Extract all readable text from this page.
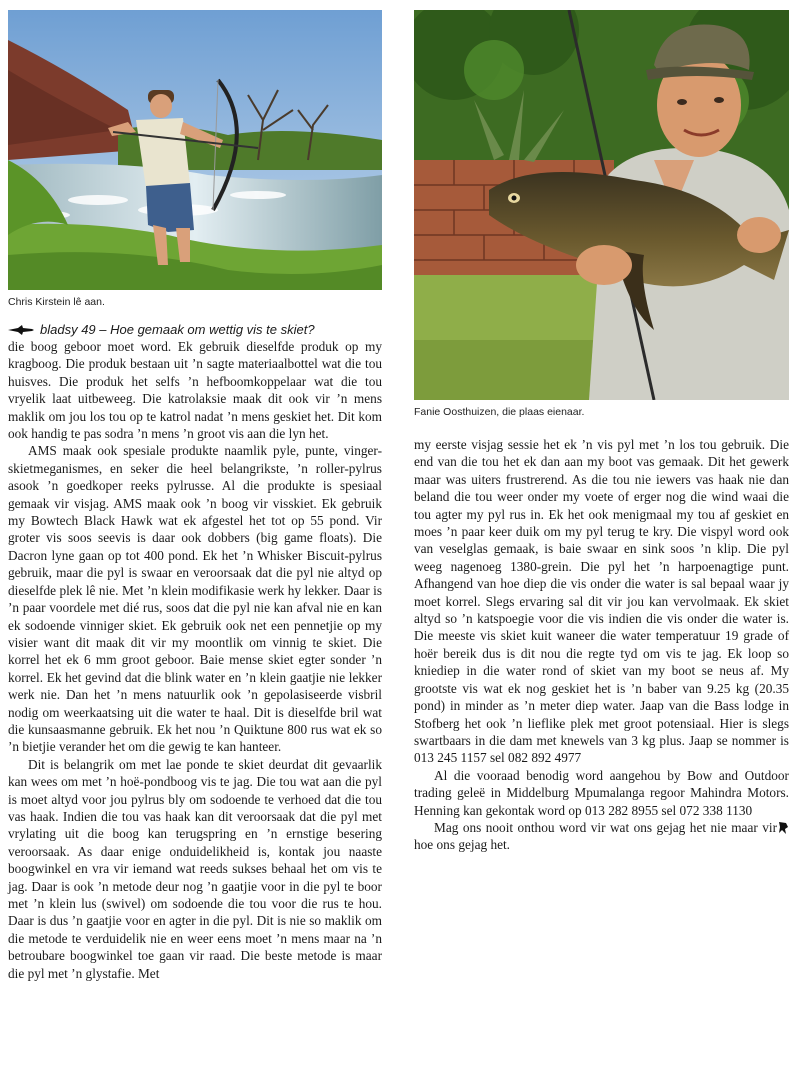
Chris Kirstein lê aan.
bladsy 49 – Hoe gemaak om wettig vis te skiet?

die boog geboor moet word. Ek gebruik dieselfde produk op my kragboog. Die produk bestaan uit ’n sagte materiaalbottel wat die tou huisves. Die produk het selfs ’n hefboomkoppelaar wat die tou vryelik laat uitbeweeg. Die katrolaksie maak dit ook vir ’n mens maklik om jou los tou op te katrol nadat ’n mens geskiet het. Dit kom ook handig te pas sodra ’n mens ’n groot vis aan die lyn het.

AMS maak ook spesiale produkte naamlik pyle, punte, vinger-skietmeganismes, en seker die heel belangrikste, ’n roller-pylrus asook ’n goedkoper reeks pylrusse. Al die produkte is spesiaal gemaak vir visjag. AMS maak ook ’n boog vir visskiet. Ek gebruik my Bowtech Black Hawk wat ek afgestel het tot op 55 pond. Vir groter vis soos seevis is daar ook dobbers (big game floats). Die Dacron lyne gaan op tot 400 pond. Ek het ’n Whisker Biscuit-pylrus gebruik, maar die pyl is swaar en veroorsaak dat die pyl nie altyd op dieselfde plek lê nie. Met ’n klein modifikasie werk hy lekker. Daar is ’n paar voordele met dié rus, soos dat die pyl nie kan afval nie en kan ek sodoende vinniger skiet. Ek gebruik ook net een pennetjie op my visier want dit maak dit vir my moontlik om vinnig te skiet. Die korrel het ek 6 mm groot geboor. Baie mense skiet egter sonder ’n korrel. Ek het gevind dat die blink water en ’n klein gaatjie nie lekker werk nie. Dan het ’n mens natuurlik ook ’n gepolasiseerde visbril nodig om weerkaatsing uit die water te haal. Dit is dieselfde bril wat die kunsaasmanne gebruik. Ek het nou ’n Quiktune 800 rus wat ek so ’n bietjie verander het om die gewig te kan hanteer.

Dit is belangrik om met lae ponde te skiet deurdat dit gevaarlik kan wees om met ’n hoë-pondboog vis te jag. Die tou wat aan die pyl is moet altyd voor jou pylrus bly om sodoende te verhoed dat die tou vas haak. Indien die tou vas haak kan dit veroorsaak dat die pyl met vrylating uit die boog kan terugspring en ’n ernstige besering veroorsaak. As daar enige onduidelikheid is, kontak jou naaste boogwinkel en vra vir iemand wat reeds sukses behaal het om vis te jag. Daar is ook ’n metode deur nog ’n gaatjie voor in die pyl te boor met ’n klein lus (swivel) om sodoende die tou voor die rus te hou. Daar is dus ’n gaatjie voor en agter in die pyl. Dit is nie so maklik om die metode te verduidelik nie en weer eens moet ’n mens maar na ’n betroubare boogwinkel toe gaan vir raad. Die beste metode is maar die pyl met ’n glystafie. Met

Fanie Oosthuizen, die plaas eienaar.

my eerste visjag sessie het ek ’n vis pyl met ’n los tou gebruik. Die end van die tou het ek dan aan my boot vas gemaak. Dit het gewerk maar was uiters frustrerend. As die tou nie iewers vas haak nie dan beland die tou weer onder my voete of erger nog die wind waai die tou agter my pyl rus in. Ek het ook menigmaal my tou af geskiet en moes ’n paar keer duik om my pyl terug te kry. Die vispyl word ook van veselglas gemaak, is baie swaar en sink soos ’n klip. Die pyl weeg nagenoeg 1380-grein. Die pyl het ’n harpoenagtige punt. Afhangend van hoe diep die vis onder die water is sal bepaal waar jy moet korrel. Slegs ervaring sal dit vir jou kan vervolmaak. Ek skiet altyd so ’n katspoegie voor die vis indien die vis onder die water is. Die meeste vis skiet kuit waneer die water temperatuur 19 grade of hoër bereik dus is dit nou die regte tyd om vis te jag. Ek loop so kniediep in die water rond of skiet van my boot se neus af. My grootste vis wat ek nog geskiet het is ’n baber van 9.25 kg (20.35 pond) in minder as ’n meter diep water. Jaap van die Bass lodge in Stofberg het ook ’n lieflike plek met groot potensiaal. Hier is slegs swartbaars in die dam met knewels van 3 kg plus. Jaap se nommer is 013 245 1157 sel 082 892 4977

Al die vooraad benodig word aangehou by Bow and Outdoor trading geleë in Middelburg Mpumalanga regoor Mahindra Motors. Henning kan gekontak word op 013 282 8955 sel 072 338 1130

Mag ons nooit onthou word vir wat ons gejag het nie maar vir hoe ons gejag het.
